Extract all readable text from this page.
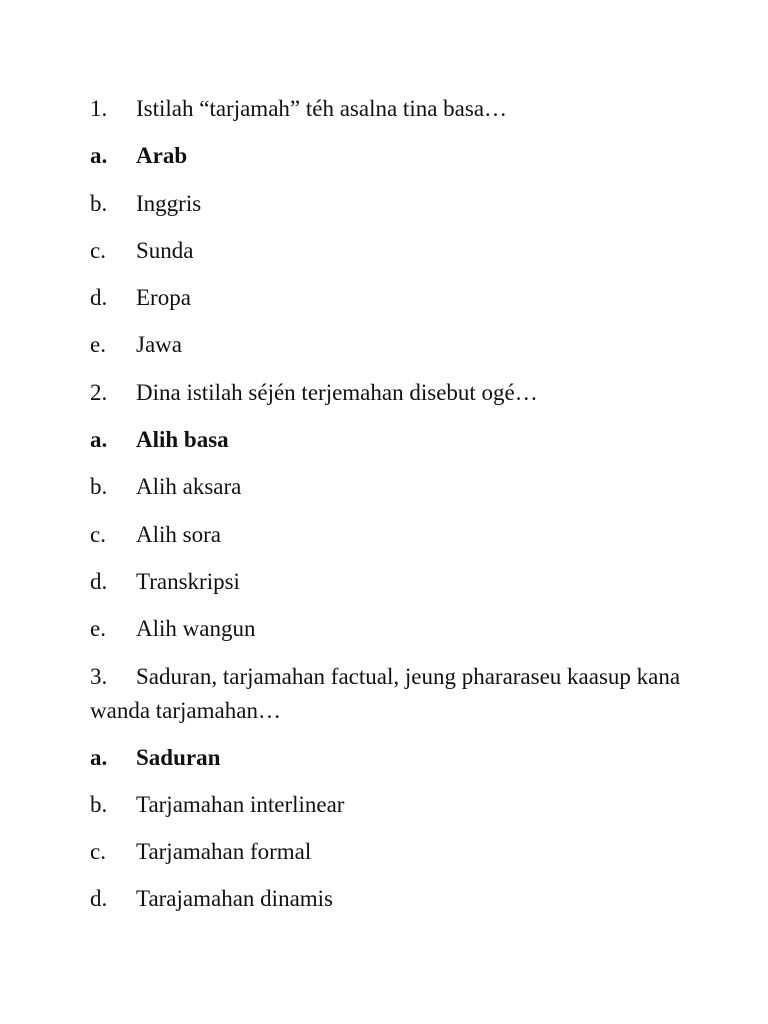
1. Istilah “tarjamah” téh asalna tina basa…
a. Arab
b. Inggris
c. Sunda
d. Eropa
e. Jawa
2. Dina istilah séjén terjemahan disebut ogé…
a. Alih basa
b. Alih aksara
c. Alih sora
d. Transkripsi
e. Alih wangun
3. Saduran, tarjamahan factual, jeung phararaseu kaasup kana wanda tarjamahan…
a. Saduran
b. Tarjamahan interlinear
c. Tarjamahan formal
d. Tarajamahan dinamis
